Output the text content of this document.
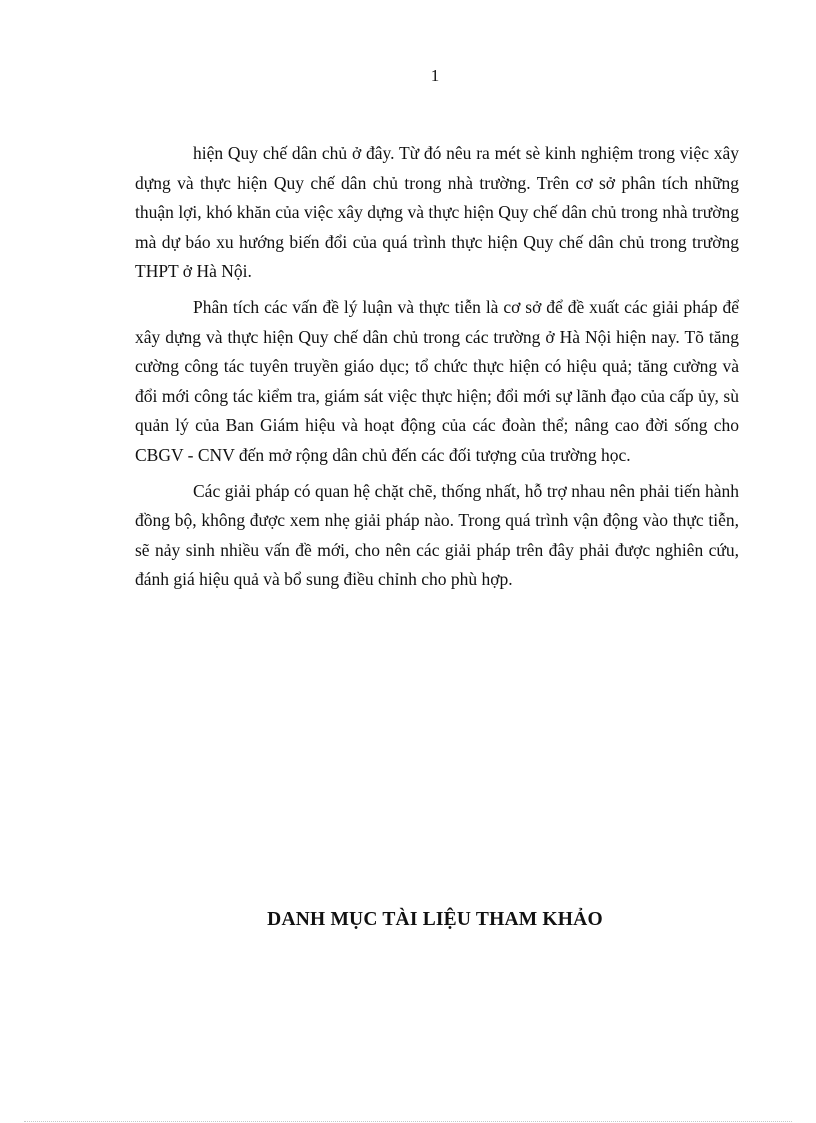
1

hiện Quy chế dân chủ ở đây. Từ đó nêu ra mét sè kinh nghiệm trong việc xây dựng và thực hiện Quy chế dân chủ trong nhà trường. Trên cơ sở phân tích những thuận lợi, khó khăn của việc xây dựng và thực hiện Quy chế dân chủ trong nhà trường mà dự báo xu hướng biến đổi của quá trình thực hiện Quy chế dân chủ trong trường THPT ở Hà Nội.

Phân tích các vấn đề lý luận và thực tiễn là cơ sở để đề xuất các giải pháp để xây dựng và thực hiện Quy chế dân chủ trong các trường ở Hà Nội hiện nay. Tõ tăng cường công tác tuyên truyền giáo dục; tổ chức thực hiện có hiệu quả; tăng cường và đổi mới công tác kiểm tra, giám sát việc thực hiện; đổi mới sự lãnh đạo của cấp ủy, sù quản lý của Ban Giám hiệu và hoạt động của các đoàn thể; nâng cao đời sống cho CBGV - CNV đến mở rộng dân chủ đến các đối tượng của trường học.

Các giải pháp có quan hệ chặt chẽ, thống nhất, hỗ trợ nhau nên phải tiến hành đồng bộ, không được xem nhẹ giải pháp nào. Trong quá trình vận động vào thực tiễn, sẽ nảy sinh nhiều vấn đề mới, cho nên các giải pháp trên đây phải được nghiên cứu, đánh giá hiệu quả và bổ sung điều chỉnh cho phù hợp.

DANH MỤC TÀI LIỆU THAM KHẢO
